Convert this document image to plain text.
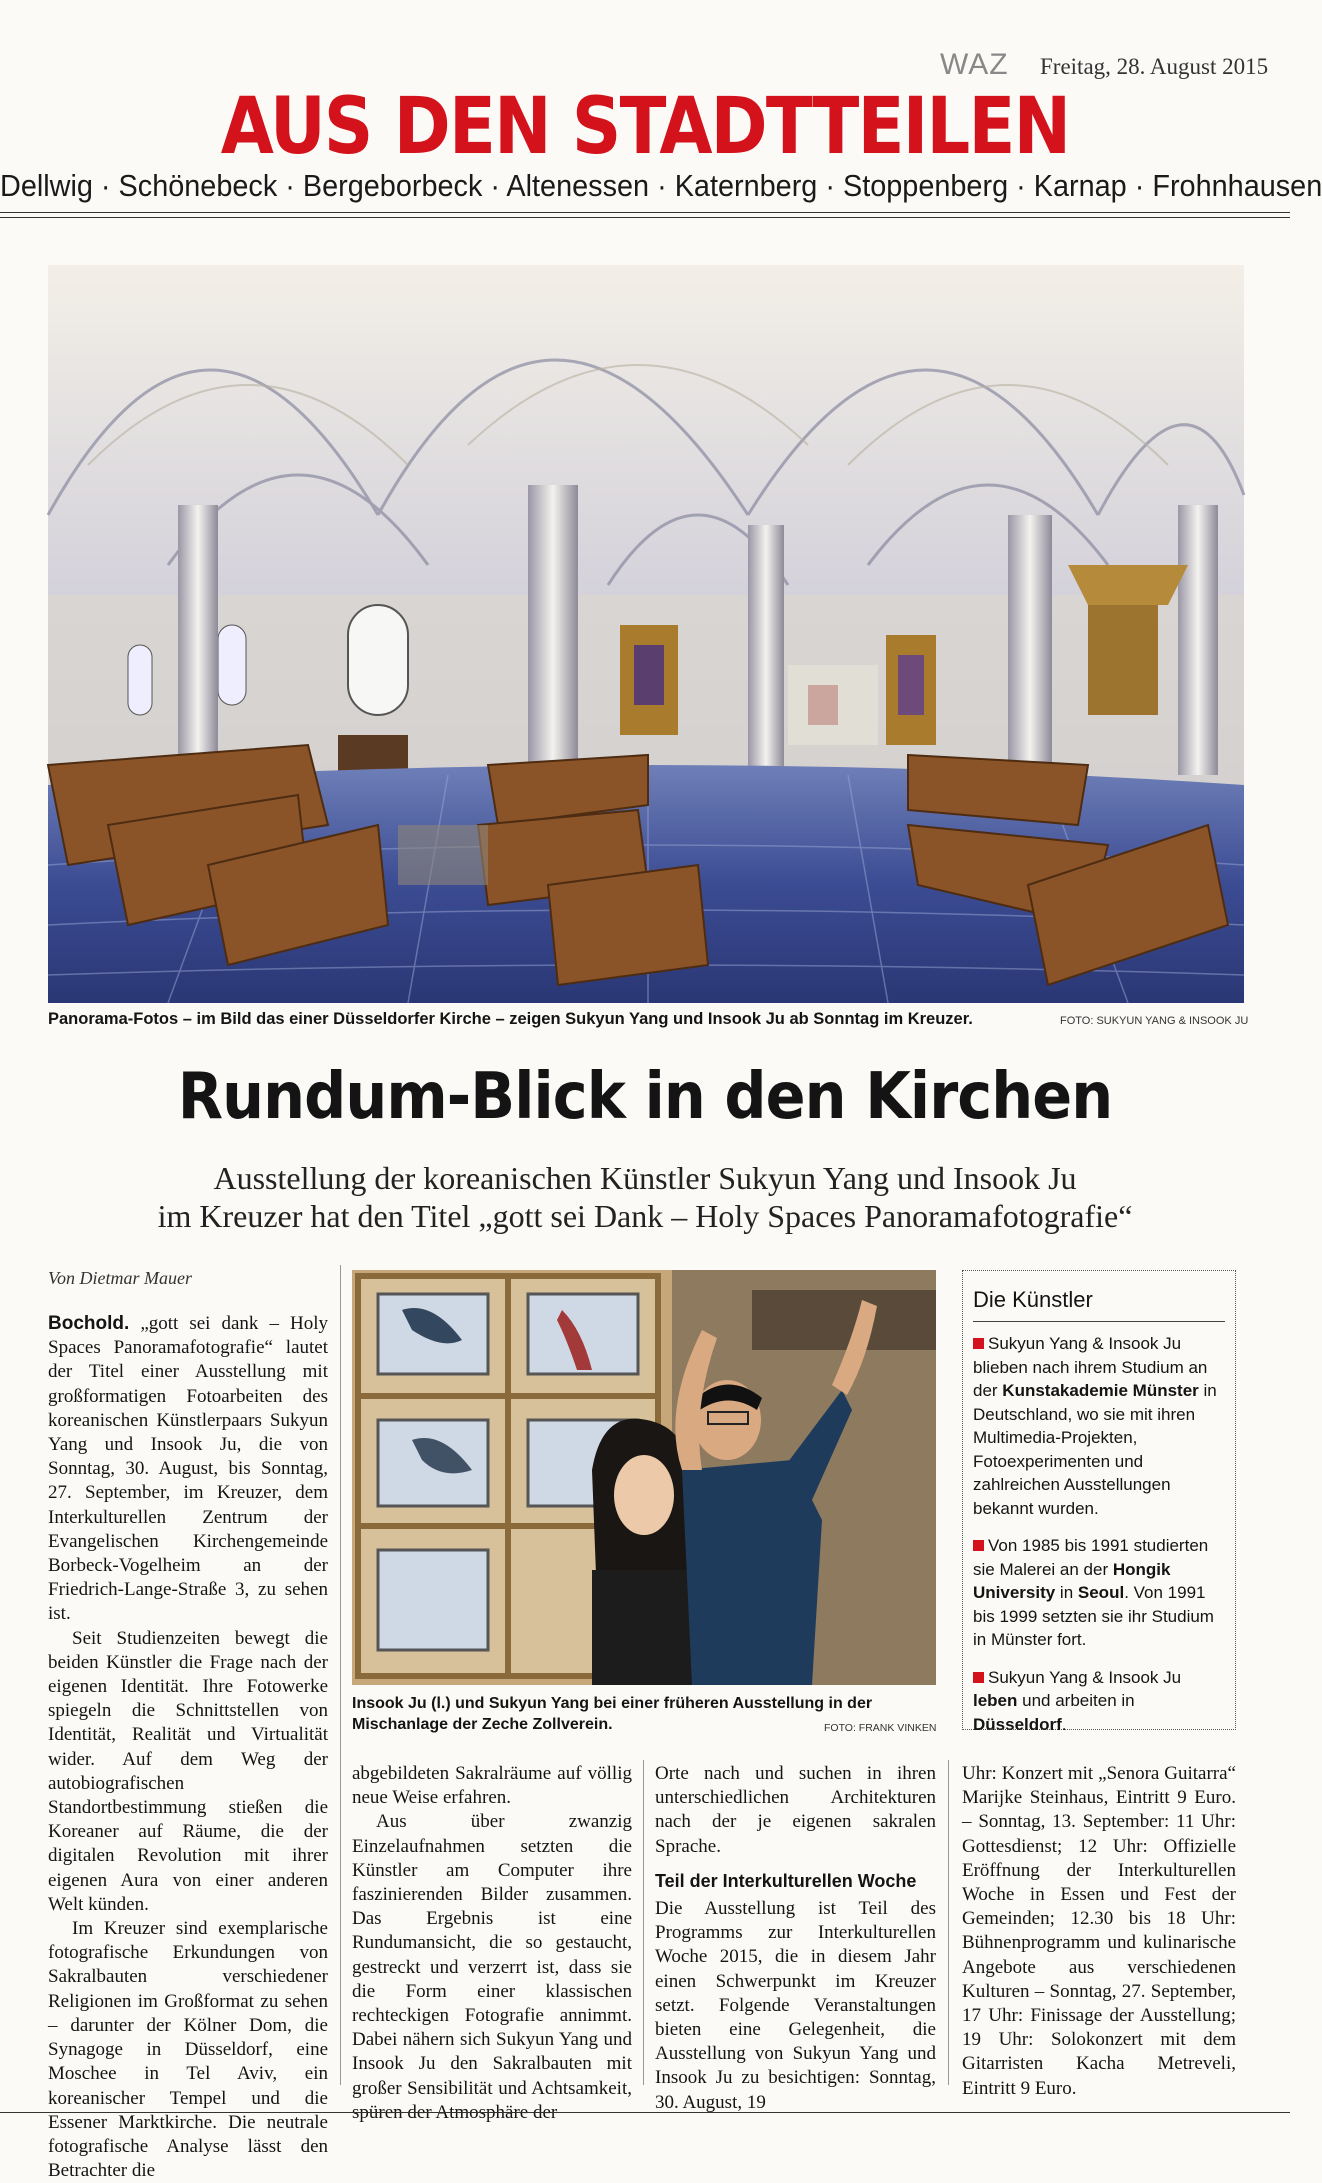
WAZ Freitag, 28. August 2015
AUS DEN STADTTEILEN
Dellwig · Schönebeck · Bergeborbeck · Altenessen · Katernberg · Stoppenberg · Karnap · Frohnhausen
Panorama-Fotos – im Bild das einer Düsseldorfer Kirche – zeigen Sukyun Yang und Insook Ju ab Sonntag im Kreuzer.	FOTO: SUKYUN YANG & INSOOK JU
Rundum-Blick in den Kirchen
Ausstellung der koreanischen Künstler Sukyun Yang und Insook Ju
im Kreuzer hat den Titel „gott sei Dank – Holy Spaces Panoramafotografie“
Von Dietmar Mauer

Bochold. „gott sei dank – Holy Spaces Panoramafotografie“ lautet der Titel einer Ausstellung mit großformatigen Fotoarbeiten des koreanischen Künstlerpaars Sukyun Yang und Insook Ju, die von Sonntag, 30. August, bis Sonntag, 27. September, im Kreuzer, dem Interkulturellen Zentrum der Evangelischen Kirchengemeinde Borbeck-Vogelheim an der Friedrich-Lange-Straße 3, zu sehen ist.

Seit Studienzeiten bewegt die beiden Künstler die Frage nach der eigenen Identität. Ihre Fotowerke spiegeln die Schnittstellen von Identität, Realität und Virtualität wider. Auf dem Weg der autobiografischen Standortbestimmung stießen die Koreaner auf Räume, die der digitalen Revolution mit ihrer eigenen Aura von einer anderen Welt künden.

Im Kreuzer sind exemplarische fotografische Erkundungen von Sakralbauten verschiedener Religionen im Großformat zu sehen – darunter der Kölner Dom, die Synagoge in Düsseldorf, eine Moschee in Tel Aviv, ein koreanischer Tempel und die Essener Marktkirche. Die neutrale fotografische Analyse lässt den Betrachter die

Insook Ju (l.) und Sukyun Yang bei einer früheren Ausstellung in der Mischanlage der Zeche Zollverein.	FOTO: FRANK VINKEN
Die Künstler
Sukyun Yang & Insook Ju blieben nach ihrem Studium an der Kunstakademie Münster in Deutschland, wo sie mit ihren Multimedia-Projekten, Fotoexperimenten und zahlreichen Ausstellungen bekannt wurden.
Von 1985 bis 1991 studierten sie Malerei an der Hongik University in Seoul. Von 1991 bis 1999 setzten sie ihr Studium in Münster fort.
Sukyun Yang & Insook Ju leben und arbeiten in Düsseldorf.

abgebildeten Sakralräume auf völlig neue Weise erfahren.

Aus über zwanzig Einzelaufnahmen setzten die Künstler am Computer ihre faszinierenden Bilder zusammen. Das Ergebnis ist eine Rundumansicht, die so gestaucht, gestreckt und verzerrt ist, dass sie die Form einer klassischen rechteckigen Fotografie annimmt. Dabei nähern sich Sukyun Yang und Insook Ju den Sakralbauten mit großer Sensibilität und Achtsamkeit, spüren der Atmosphäre der

Orte nach und suchen in ihren unterschiedlichen Architekturen nach der je eigenen sakralen Sprache.

Teil der Interkulturellen Woche

Die Ausstellung ist Teil des Programms zur Interkulturellen Woche 2015, die in diesem Jahr einen Schwerpunkt im Kreuzer setzt. Folgende Veranstaltungen bieten eine Gelegenheit, die Ausstellung von Sukyun Yang und Insook Ju zu besichtigen: Sonntag, 30. August, 19

Uhr: Konzert mit „Senora Guitarra“ Marijke Steinhaus, Eintritt 9 Euro. – Sonntag, 13. September: 11 Uhr: Gottesdienst; 12 Uhr: Offizielle Eröffnung der Interkulturellen Woche in Essen und Fest der Gemeinden; 12.30 bis 18 Uhr: Bühnenprogramm und kulinarische Angebote aus verschiedenen Kulturen – Sonntag, 27. September, 17 Uhr: Finissage der Ausstellung; 19 Uhr: Solokonzert mit dem Gitarristen Kacha Metreveli, Eintritt 9 Euro.
